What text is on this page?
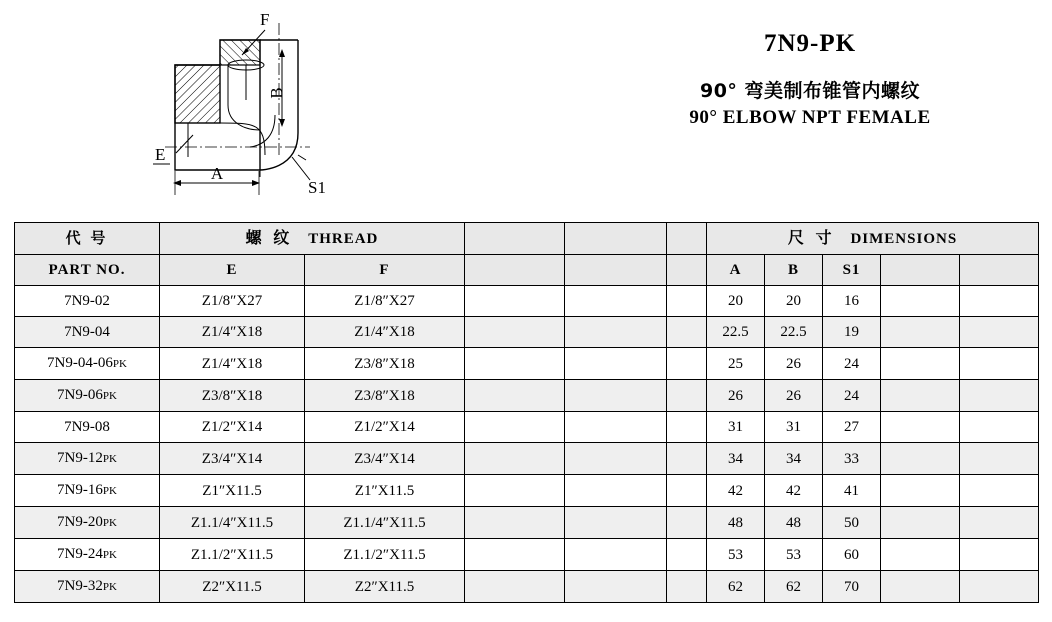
F
B
E
A
S1
7N9-PK
90° 弯美制布锥管内螺纹
90° ELBOW NPT FEMALE
代 号	螺 纹 THREAD					尺 寸 DIMENSIONS				
PART NO.	E	F				A	B	S1		
7N9-02	Z1/8″X27	Z1/8″X27				20	20	16		
7N9-04	Z1/4″X18	Z1/4″X18				22.5	22.5	19		
7N9-04-06PK	Z1/4″X18	Z3/8″X18				25	26	24		
7N9-06PK	Z3/8″X18	Z3/8″X18				26	26	24		
7N9-08	Z1/2″X14	Z1/2″X14				31	31	27		
7N9-12PK	Z3/4″X14	Z3/4″X14				34	34	33		
7N9-16PK	Z1″X11.5	Z1″X11.5				42	42	41		
7N9-20PK	Z1.1/4″X11.5	Z1.1/4″X11.5				48	48	50		
7N9-24PK	Z1.1/2″X11.5	Z1.1/2″X11.5				53	53	60		
7N9-32PK	Z2″X11.5	Z2″X11.5				62	62	70		
